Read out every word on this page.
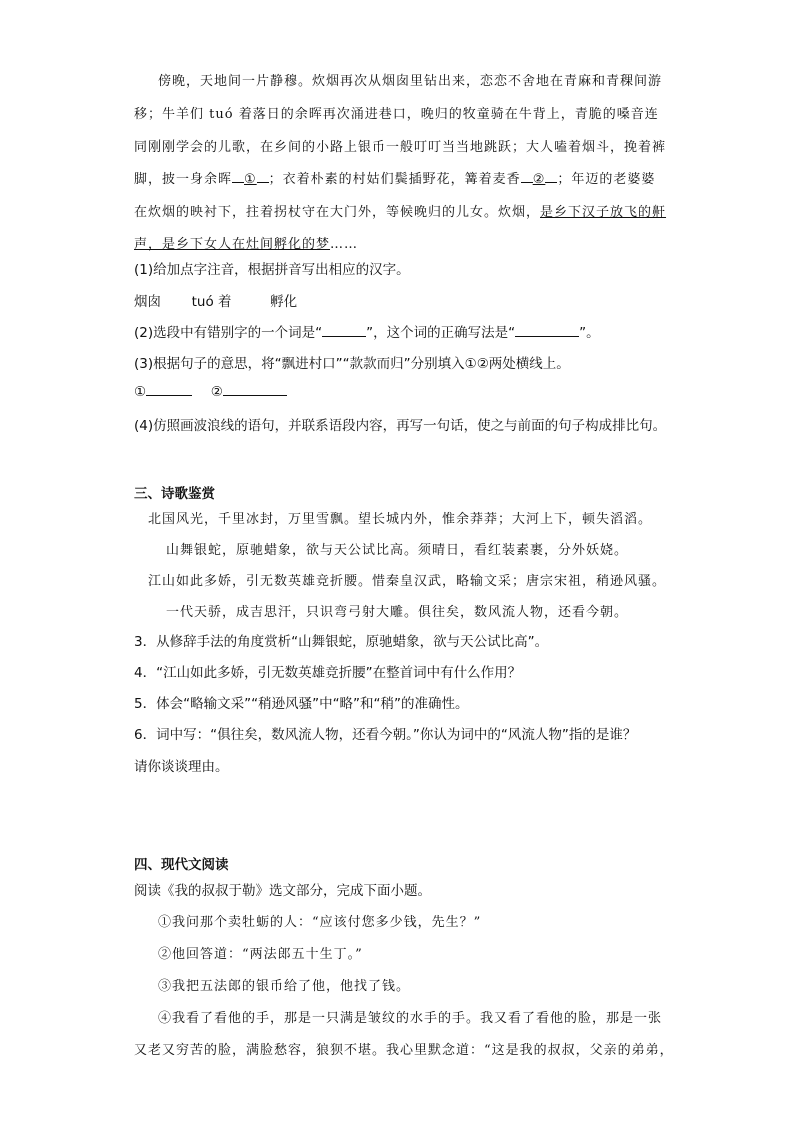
傍晚，天地间一片静穆。炊烟再次从烟囱里钻出来，恋恋不舍地在青麻和青稞间游
移；牛羊们 tuó 着落日的余晖再次涌进巷口，晚归的牧童骑在牛背上，青脆的嗓音连
同刚刚学会的儿歌，在乡间的小路上银币一般叮叮当当地跳跃；大人嗑着烟斗，挽着裤
脚，披一身余晖 ① ；衣着朴素的村姑们鬓插野花，篝着麦香 ② ；年迈的老婆婆
在炊烟的映衬下，拄着拐杖守在大门外，等候晚归的儿女。炊烟，是乡下汉子放飞的鼾
声，是乡下女人在灶间孵化的梦……
(1)给加点字注音，根据拼音写出相应的汉字。
烟囱 tuó 着	孵化
(2)选段中有错别字的一个词是“	”，这个词的正确写法是“	”。
(3)根据句子的意思，将“飘进村口”“款款而归”分别填入①②两处横线上。
①	②
(4)仿照画波浪线的语句，并联系语段内容，再写一句话，使之与前面的句子构成排比句。
三、诗歌鉴赏
北国风光，千里冰封，万里雪飘。望长城内外，惟余莽莽；大河上下，顿失滔滔。
山舞银蛇，原驰蜡象，欲与天公试比高。须晴日，看红装素裹，分外妖娆。
江山如此多娇，引无数英雄竞折腰。惜秦皇汉武，略输文采；唐宗宋祖，稍逊风骚。
一代天骄，成吉思汗，只识弯弓射大雕。俱往矣，数风流人物，还看今朝。
3．从修辞手法的角度赏析“山舞银蛇，原驰蜡象，欲与天公试比高”。
4．“江山如此多娇，引无数英雄竞折腰”在整首词中有什么作用？
5．体会“略输文采”“稍逊风骚”中“略”和“稍”的准确性。
6．词中写：“俱往矣，数风流人物，还看今朝。”你认为词中的“风流人物”指的是谁？
请你谈谈理由。
四、现代文阅读
阅读《我的叔叔于勒》选文部分，完成下面小题。
①我问那个卖牡蛎的人：“应该付您多少钱，先生？”
②他回答道：“两法郎五十生丁。”
③我把五法郎的银币给了他，他找了钱。
④我看了看他的手，那是一只满是皱纹的水手的手。我又看了看他的脸，那是一张
又老又穷苦的脸，满脸愁容，狼狈不堪。我心里默念道：“这是我的叔叔，父亲的弟弟，
